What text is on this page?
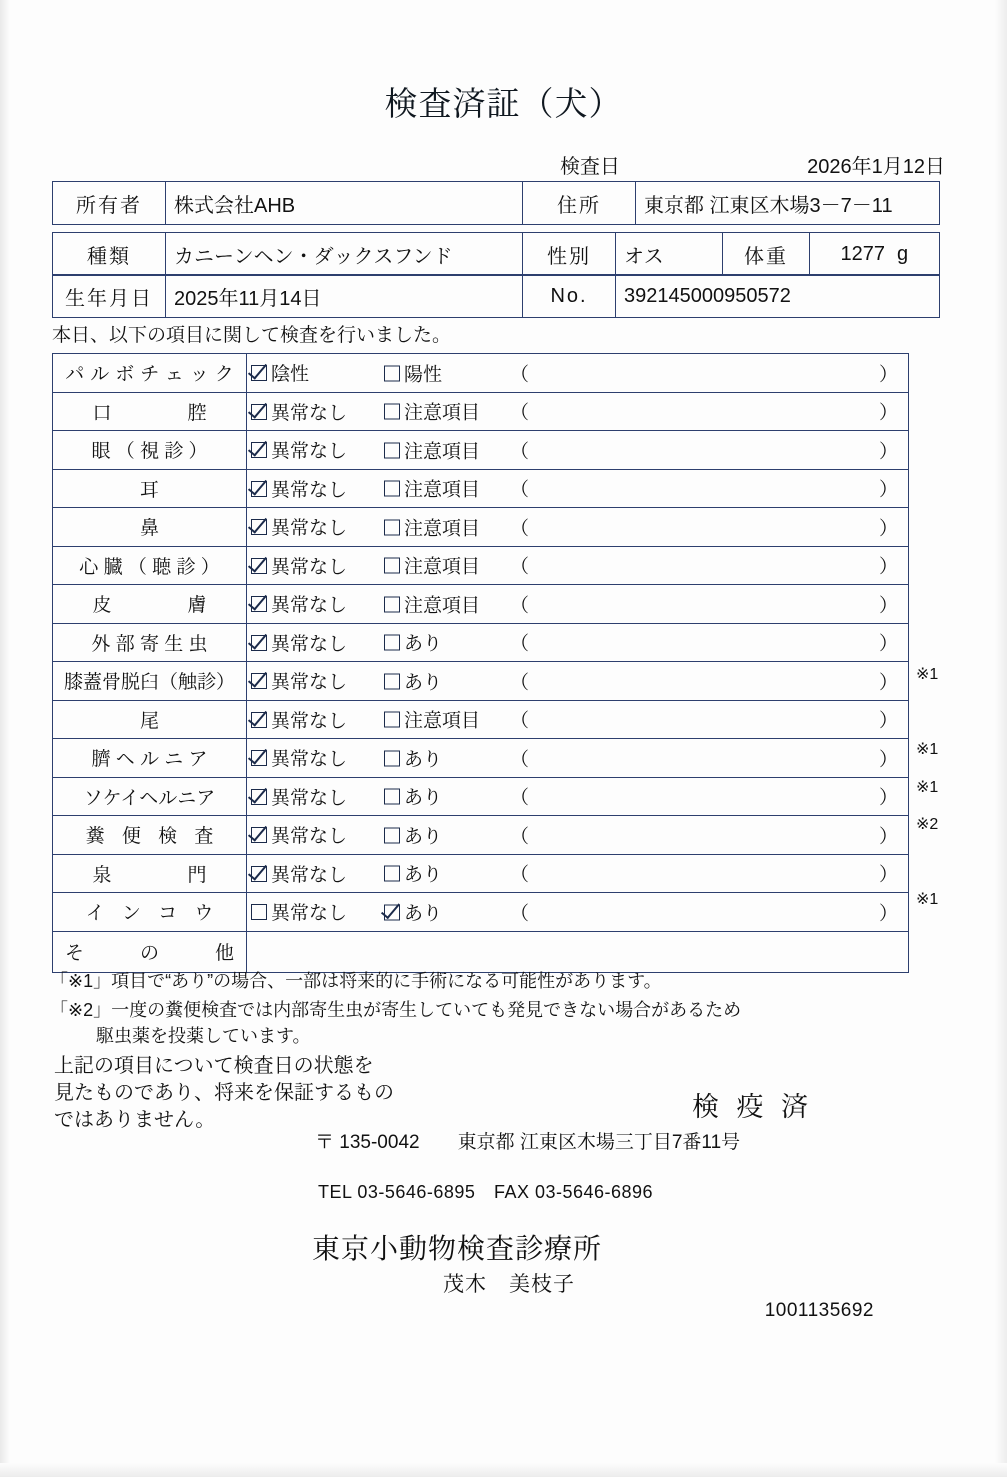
検査済証（犬）
検査日	2026年1月12日
所有者	株式会社AHB	住所	東京都 江東区木場3－7－11
種類	カニーンヘン・ダックスフンド	性別	オス	体重	1277	g
生年月日	2025年11月14日	No.	392145000950572
本日、以下の項目に関して検査を行いました。
パルボチェック	陰性 陽性 （ ）

口　　　　腔	異常なし 注意項目 （ ）

眼 （ 視 診 ）	異常なし 注意項目 （ ）

耳	異常なし 注意項目 （ ）

鼻	異常なし 注意項目 （ ）

心 臓 （ 聴 診 ）	異常なし 注意項目 （ ）

皮　　　　膚	異常なし 注意項目 （ ）

外 部 寄 生 虫	異常なし あり （ ）

膝蓋骨脱臼（触診）	異常なし あり （ ）

尾	異常なし 注意項目 （ ）

臍 ヘ ル ニ ア	異常なし あり （ ）

ソケイヘルニア	異常なし あり （ ）

糞 便 検 査	異常なし あり （ ）

泉　　　　門	異常なし あり （ ）

イ ン コ ウ	異常なし あり （ ）

そ　　の　　他	
「※1」項目で“あり”の場合、一部は将来的に手術になる可能性があります。
「※2」一度の糞便検査では内部寄生虫が寄生していても発見できない場合があるため
駆虫薬を投薬しています。
上記の項目について検査日の状態を
見たものであり、将来を保証するもの
ではありません。	検 疫 済
〒 135-0042　　東京都 江東区木場三丁目7番11号
TEL 03-5646-6895　FAX 03-5646-6896
東京小動物検査診療所
茂木　美枝子
1001135692
※1
※1
※1
※2
※1
